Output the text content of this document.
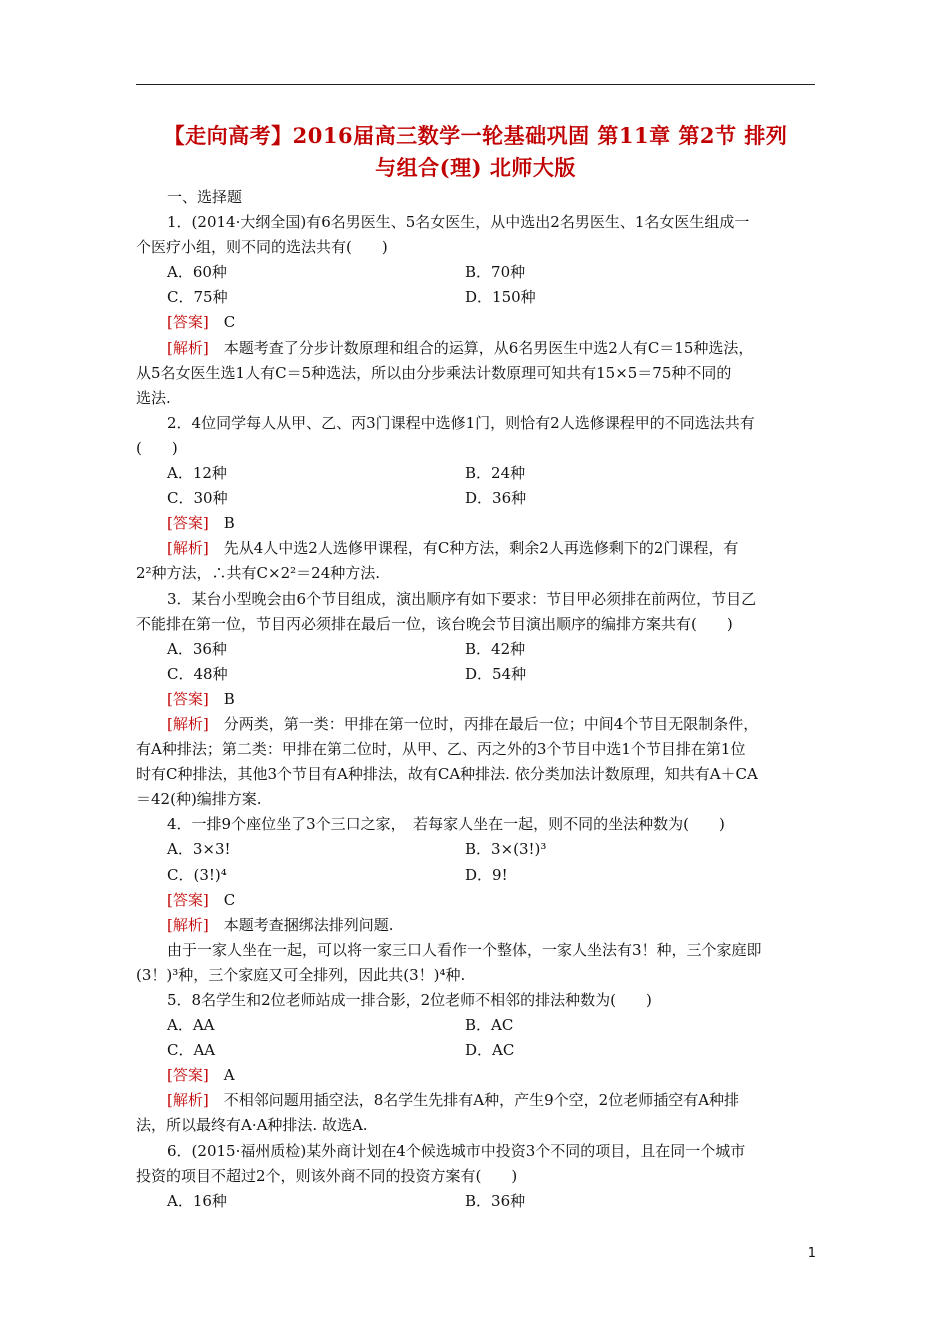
【走向高考】2016届高三数学一轮基础巩固 第11章 第2节 排列
与组合(理) 北师大版
一、选择题
1．(2014·大纲全国)有6名男医生、5名女医生，从中选出2名男医生、1名女医生组成一
个医疗小组，则不同的选法共有(　　)
A．60种	B．70种
C．75种	D．150种
[答案]　 C
[解析]　 本题考查了分步计数原理和组合的运算，从6名男医生中选2人有C＝15种选法，
从5名女医生选1人有C＝5种选法，所以由分步乘法计数原理可知共有15×5＝75种不同的
选法.
2．4位同学每人从甲、乙、丙3门课程中选修1门，则恰有2人选修课程甲的不同选法共有
(　　)
A．12种	B．24种
C．30种	D．36种
[答案]　 B
[解析]　 先从4人中选2人选修甲课程，有C种方法，剩余2人再选修剩下的2门课程，有
2²种方法，∴共有C×2²＝24种方法.
3．某台小型晚会由6个节目组成，演出顺序有如下要求：节目甲必须排在前两位，节目乙
不能排在第一位，节目丙必须排在最后一位，该台晚会节目演出顺序的编排方案共有(　　)
A．36种	B．42种
C．48种	D．54种
[答案]　 B
[解析]　 分两类，第一类：甲排在第一位时，丙排在最后一位；中间4个节目无限制条件，
有A种排法；第二类：甲排在第二位时，从甲、乙、丙之外的3个节目中选1个节目排在第1位
时有C种排法，其他3个节目有A种排法，故有CA种排法. 依分类加法计数原理，知共有A＋CA
＝42(种)编排方案.
4．一排9个座位坐了3个三口之家，　若每家人坐在一起，则不同的坐法种数为(　　)
A．3×3!	B．3×(3!)³
C．(3!)⁴	D．9!
[答案]　 C
[解析]　 本题考查捆绑法排列问题.
由于一家人坐在一起，可以将一家三口人看作一个整体，一家人坐法有3！种，三个家庭即
(3！)³种，三个家庭又可全排列，因此共(3！)⁴种.
5．8名学生和2位老师站成一排合影，2位老师不相邻的排法种数为(　　)
A．AA	B．AC
C．AA	D．AC
[答案]　 A
[解析]　 不相邻问题用插空法，8名学生先排有A种，产生9个空，2位老师插空有A种排
法，所以最终有A·A种排法. 故选A.
6．(2015·福州质检)某外商计划在4个候选城市中投资3个不同的项目，且在同一个城市
投资的项目不超过2个，则该外商不同的投资方案有(　　)
A．16种	B．36种
1
